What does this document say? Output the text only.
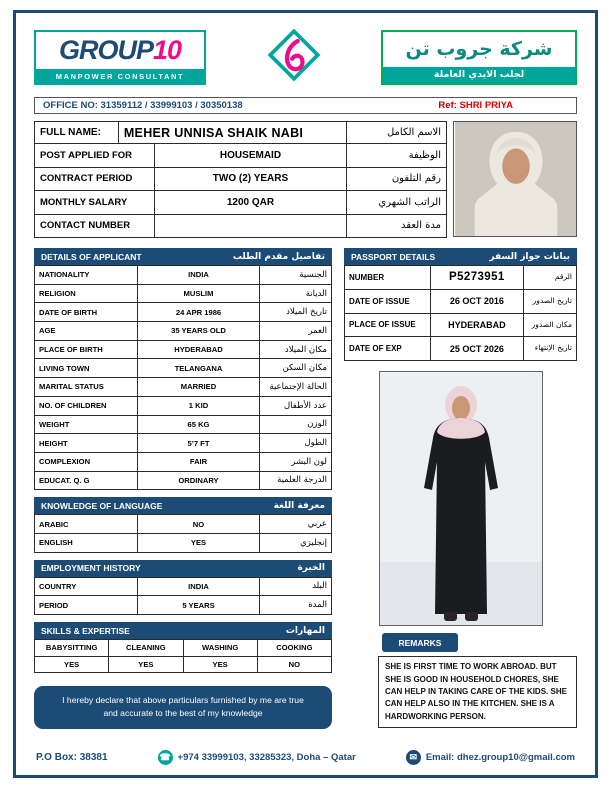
GROUP10
MANPOWER CONSULTANT
شركة جروب تن
لجلب الايدي العاملة
OFFICE NO: 31359112 / 33999103 / 30350138	Ref: SHRI PRIYA
FULL NAME:	MEHER UNNISA SHAIK NABI	الاسم الكامل
POST APPLIED FOR	HOUSEMAID	الوظيفة
CONTRACT PERIOD	TWO (2) YEARS	رقم التلفون
MONTHLY SALARY	1200 QAR	الراتب الشهري
CONTACT NUMBER		مدة العقد
DETAILS OF APPLICANT	تفاصيل مقدم الطلب
NATIONALITY	INDIA	الجنسية
RELIGION	MUSLIM	الديانة
DATE OF BIRTH	24 APR 1986	تاريخ الميلاد
AGE	35 YEARS OLD	العمر
PLACE OF BIRTH	HYDERABAD	مكان الميلاد
LIVING TOWN	TELANGANA	مكان السكن
MARITAL STATUS	MARRIED	الحالة الإجتماعية
NO. OF CHILDREN	1 KID	عدد الأطفال
WEIGHT	65 KG	الوزن
HEIGHT	5’7 FT	الطول
COMPLEXION	FAIR	لون البشر
EDUCAT. Q. G	ORDINARY	الدرجة العلمية
KNOWLEDGE OF LANGUAGE	معرفة اللغة
ARABIC	NO	عربي
ENGLISH	YES	إنجليزي
EMPLOYMENT HISTORY	الخبرة
COUNTRY	INDIA	البلد
PERIOD	5 YEARS	المدة
SKILLS & EXPERTISE	المهارات
BABYSITTING	CLEANING	WASHING	COOKING
YES	YES	YES	NO
I hereby declare that above particulars furnished by me are true and accurate to the best of my knowledge
PASSPORT DETAILS	بيانات جواز السفر
NUMBER	P5273951	الرقم
DATE OF ISSUE	26 OCT 2016	تاريخ الصدور
PLACE OF ISSUE	HYDERABAD	مكان الصدور
DATE OF EXP	25 OCT 2026	تاريخ الإنتهاء
REMARKS
SHE IS FIRST TIME TO WORK ABROAD. BUT SHE IS GOOD IN HOUSEHOLD CHORES, SHE CAN HELP IN TAKING CARE OF THE KIDS. SHE CAN HELP ALSO IN THE KITCHEN. SHE IS A HARDWORKING PERSON.
P.O Box: 38381	☎ +974 33999103, 33285323, Doha – Qatar	✉ Email: dhez.group10@gmail.com
